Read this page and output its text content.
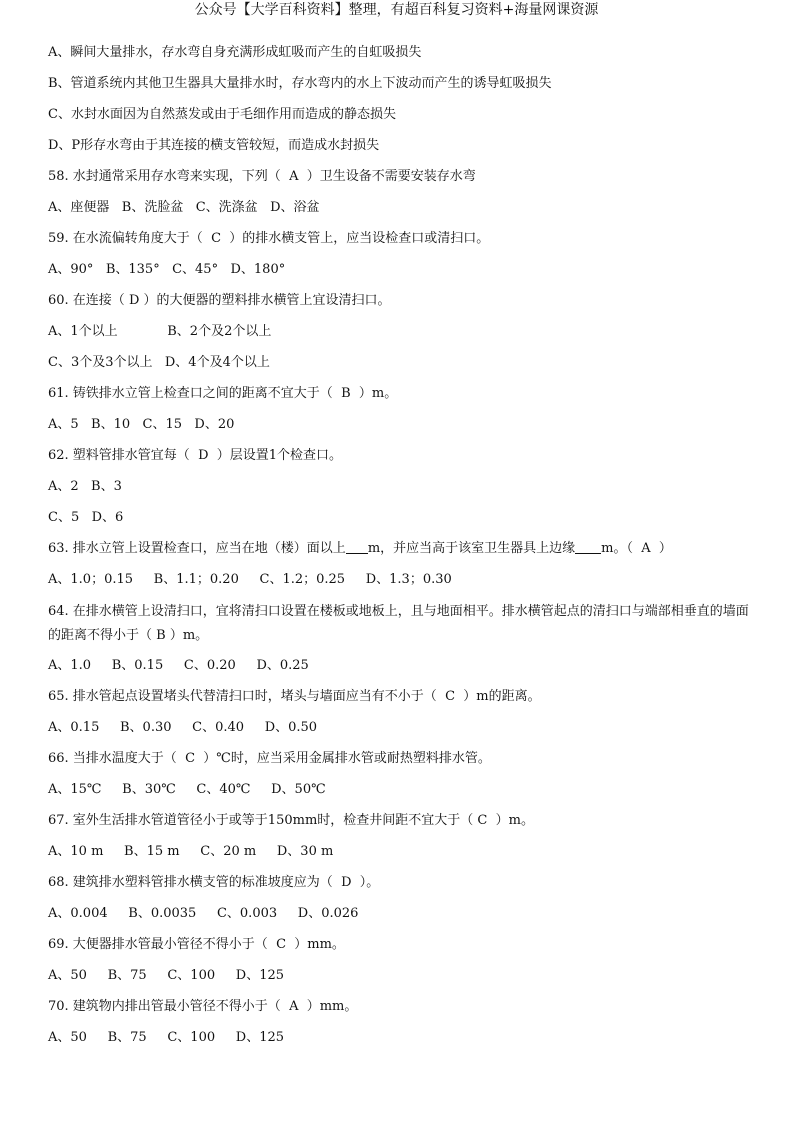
公众号【大学百科资料】整理，有超百科复习资料+海量网课资源
A、瞬间大量排水，存水弯自身充满形成虹吸而产生的自虹吸损失
B、管道系统内其他卫生器具大量排水时，存水弯内的水上下波动而产生的诱导虹吸损失
C、水封水面因为自然蒸发或由于毛细作用而造成的静态损失
D、P形存水弯由于其连接的横支管较短，而造成水封损失
58. 水封通常采用存水弯来实现，下列（  A  ）卫生设备不需要安装存水弯
A、座便器   B、洗脸盆   C、洗涤盆   D、浴盆
59. 在水流偏转角度大于（  C  ）的排水横支管上，应当设检查口或清扫口。
A、90°   B、135°   C、45°   D、180°
60. 在连接（ D ）的大便器的塑料排水横管上宜设清扫口。
A、1个以上            B、2个及2个以上
C、3个及3个以上   D、4个及4个以上
61. 铸铁排水立管上检查口之间的距离不宜大于（  B  ）m。
A、5   B、10   C、15   D、20
62. 塑料管排水管宜每（  D  ）层设置1个检查口。
A、2   B、3
C、5   D、6
63. 排水立管上设置检查口，应当在地（楼）面以上 m，并应当高于该室卫生器具上边缘 m。（  A  ）
A、1.0；0.15     B、1.1；0.20     C、1.2；0.25     D、1.3；0.30
64. 在排水横管上设清扫口，宜将清扫口设置在楼板或地板上，且与地面相平。排水横管起点的清扫口与端部相垂直的墙面的距离不得小于（ B ）m。
A、1.0     B、0.15     C、0.20     D、0.25
65. 排水管起点设置堵头代替清扫口时，堵头与墙面应当有不小于（  C  ）m的距离。
A、0.15     B、0.30     C、0.40     D、0.50
66. 当排水温度大于（  C  ）℃时，应当采用金属排水管或耐热塑料排水管。
A、15℃     B、30℃     C、40℃     D、50℃
67. 室外生活排水管道管径小于或等于150mm时，检查井间距不宜大于（ C  ）m。
A、10 m     B、15 m     C、20 m     D、30 m
68. 建筑排水塑料管排水横支管的标准坡度应为（  D  ）。
A、0.004     B、0.0035     C、0.003     D、0.026
69. 大便器排水管最小管径不得小于（  C  ）mm。
A、50     B、75     C、100     D、125
70. 建筑物内排出管最小管径不得小于（  A  ）mm。
A、50     B、75     C、100     D、125
